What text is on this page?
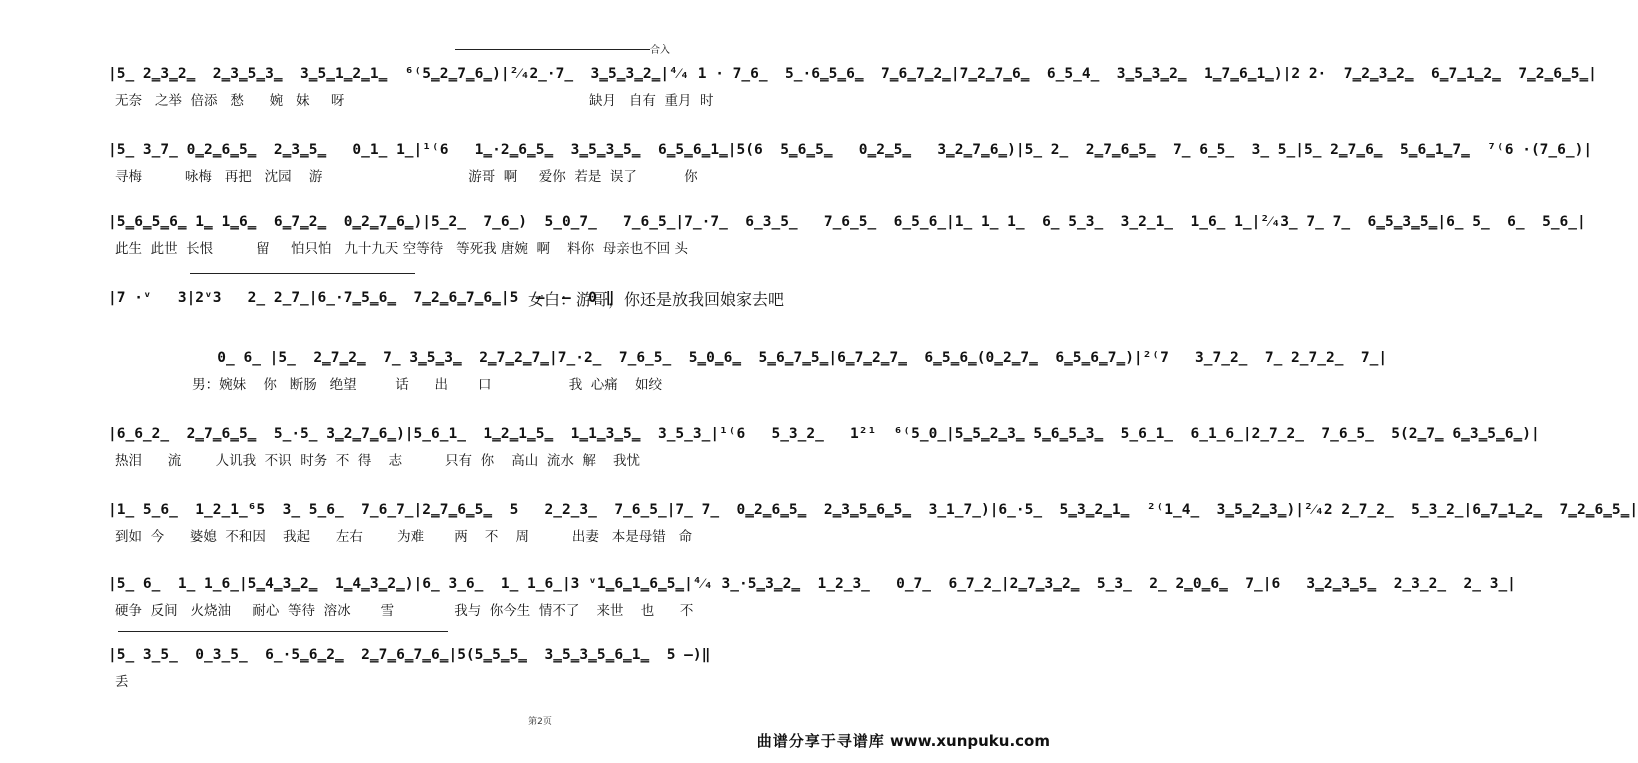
合入
|5̲ 2̳3̳2̳  2̳3̳5̳3̳  3̳5̳1̳2̳1̳  ⁶⁽5̳2̳7̳6̳)|²⁄₄2̲·7̲  3̳5̳3̳2̳|⁴⁄₄ 1 · 7̲6̲  5̲·6̳5̳6̳  7̳6̳7̳2̳|7̳2̳7̳6̳  6̲5̲4̲  3̳5̳3̳2̳  1̳7̳6̳1̳)|2 2·  7̳2̳3̳2̳  6̳7̳1̳2̳  7̳2̳6̳5̳|
无奈   之举  倍添   愁      婉   妹     呀                                                         缺月   自有  重月  时
|5̲ 3̲7̲ 0̳2̳6̳5̳  2̳3̳5̳   0̲1̲ 1̲|¹⁽6   1̳·2̳6̳5̳  3̳5̳3̳5̳  6̳5̳6̳1̳|5(6  5̳6̳5̳   0̳2̳5̳   3̳2̳7̳6̳)|5̲ 2̲  2̳7̳6̳5̳  7̲ 6̲5̲  3̲ 5̲|5̲ 2̳7̳6̳  5̳6̳1̳7̳  ⁷⁽6 ·(7̲6̲)|
寻梅          咏梅   再把   沈园    游                                  游哥  啊     爱你  若是  误了           你
|5̳6̳5̳6̳ 1̳ 1̳6̳  6̳7̳2̳  0̳2̳7̳6̳)|5̲2̲  7̲6̲)  5̲0̲7̲   7̲6̲5̲|7̲·7̲  6̲3̲5̲   7̲6̲5̲  6̲5̲6̲|1̲ 1̲ 1̲  6̲ 5̲3̲  3̲2̲1̲  1̲6̲ 1̲|²⁄₄3̲ 7̲ 7̲  6̳5̳3̳5̳|6̲ 5̲  6̲  5̲6̲|
此生  此世  长恨          留     怕只怕   九十九天 空等待   等死我 唐婉  啊    料你  母亲也不回 头
|7 ·ᵛ   3|2ᵛ3   2̲ 2̲7̲|6̲·7̳5̳6̳  7̳2̳6̳7̳6̳|5  –  –  0 ‖
女白：游哥，你还是放我回娘家去吧
0̲ 6̲ |5̲  2̳7̳2̳  7̲ 3̳5̳3̳  2̳7̳2̳7̳|7̲·2̲  7̲6̲5̲  5̳0̳6̳  5̳6̳7̳5̳|6̳7̳2̳7̳  6̳5̳6̳(0̳2̳7̳  6̳5̳6̳7̳)|²⁽7   3̲7̲2̲  7̲ 2̲7̲2̲  7̲|
男：婉妹    你   断肠   绝望         话      出       口                  我  心痛    如绞
|6̲6̲2̲  2̳7̳6̳5̳  5̲·5̲ 3̳2̳7̳6̳)|5̲6̲1̲  1̳2̳1̳5̳  1̳1̳3̳5̳  3̲5̲3̲|¹⁽6   5̲3̲2̲   1²¹  ⁶⁽5̲0̲|5̳5̳2̳3̳ 5̳6̳5̳3̳  5̲6̲1̲  6̲1̲6̲|2̲7̲2̲  7̲6̲5̲  5(2̳7̳ 6̳3̳5̳6̳)|
热泪      流        人讥我  不识  时务  不  得    志          只有  你    高山  流水  解    我忧
|1̲ 5̲6̲  1̲2̲1̲⁶5  3̲ 5̲6̲  7̲6̲7̲|2̳7̳6̳5̳  5   2̲2̲3̲  7̲6̲5̲|7̲ 7̲  0̳2̳6̳5̳  2̳3̳5̳6̳5̳  3̲1̲7̲)|6̲·5̲  5̳3̳2̳1̳  ²⁽1̲4̲  3̳5̳2̳3̳)|²⁄₄2 2̲7̲2̲  5̲3̲2̲|6̳7̳1̳2̳  7̳2̳6̳5̳|
到如  今      婆媳  不和因    我起      左右        为难       两    不    周          出妻   本是母错   命
|5̲ 6̲  1̲ 1̲6̲|5̳4̳3̳2̳  1̳4̳3̳2̳)|6̲ 3̲6̲  1̲ 1̲6̲|3 ᵛ1̳6̳1̳6̳5̳|⁴⁄₄ 3̲·5̳3̳2̳  1̲2̲3̲   0̲7̲  6̲7̲2̲|2̳7̳3̳2̳  5̲3̲  2̲ 2̳0̳6̳  7̲|6   3̳2̳3̳5̳  2̲3̲2̲  2̲ 3̲|
硬争  反间   火烧油     耐心  等待  溶冰       雪              我与  你今生  情不了    来世    也      不
|5̲ 3̲5̲  0̲3̲5̲  6̲·5̳6̳2̳  2̳7̳6̳7̳6̳|5(5̳5̳5̳  3̳5̳3̳5̳6̳1̳  5 –)‖
丢
第2页
曲谱分享于寻谱库 www.xunpuku.com
